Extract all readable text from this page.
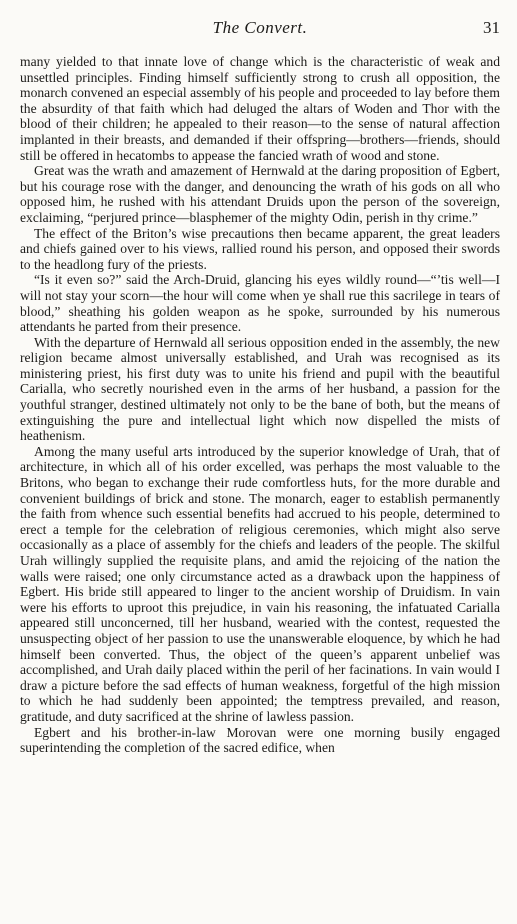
The Convert.	31

many yielded to that innate love of change which is the characteristic of weak and unsettled principles. Finding himself sufficiently strong to crush all opposition, the monarch convened an especial assembly of his people and proceeded to lay before them the absurdity of that faith which had deluged the altars of Woden and Thor with the blood of their children; he appealed to their reason—to the sense of natural affection implanted in their breasts, and demanded if their offspring—brothers—friends, should still be offered in hecatombs to appease the fancied wrath of wood and stone.

Great was the wrath and amazement of Hernwald at the daring proposition of Egbert, but his courage rose with the danger, and denouncing the wrath of his gods on all who opposed him, he rushed with his attendant Druids upon the person of the sovereign, exclaiming, “perjured prince—blasphemer of the mighty Odin, perish in thy crime.”

The effect of the Briton’s wise precautions then became apparent, the great leaders and chiefs gained over to his views, rallied round his person, and opposed their swords to the headlong fury of the priests.

“Is it even so?” said the Arch-Druid, glancing his eyes wildly round—“’tis well—I will not stay your scorn—the hour will come when ye shall rue this sacrilege in tears of blood,” sheathing his golden weapon as he spoke, surrounded by his numerous attendants he parted from their presence.

With the departure of Hernwald all serious opposition ended in the assembly, the new religion became almost universally established, and Urah was recognised as its ministering priest, his first duty was to unite his friend and pupil with the beautiful Carialla, who secretly nourished even in the arms of her husband, a passion for the youthful stranger, destined ultimately not only to be the bane of both, but the means of extinguishing the pure and intellectual light which now dispelled the mists of heathenism.

Among the many useful arts introduced by the superior knowledge of Urah, that of architecture, in which all of his order excelled, was perhaps the most valuable to the Britons, who began to exchange their rude comfortless huts, for the more durable and convenient buildings of brick and stone. The monarch, eager to establish permanently the faith from whence such essential benefits had accrued to his people, determined to erect a temple for the celebration of religious ceremonies, which might also serve occasionally as a place of assembly for the chiefs and leaders of the people. The skilful Urah willingly supplied the requisite plans, and amid the rejoicing of the nation the walls were raised; one only circumstance acted as a drawback upon the happiness of Egbert. His bride still appeared to linger to the ancient worship of Druidism. In vain were his efforts to uproot this prejudice, in vain his reasoning, the infatuated Carialla appeared still unconcerned, till her husband, wearied with the contest, requested the unsuspecting object of her passion to use the unanswerable eloquence, by which he had himself been converted. Thus, the object of the queen’s apparent unbelief was accomplished, and Urah daily placed within the peril of her facinations. In vain would I draw a picture before the sad effects of human weakness, forgetful of the high mission to which he had suddenly been appointed; the temptress prevailed, and reason, gratitude, and duty sacrificed at the shrine of lawless passion.

Egbert and his brother-in-law Morovan were one morning busily engaged superintending the completion of the sacred edifice, when
